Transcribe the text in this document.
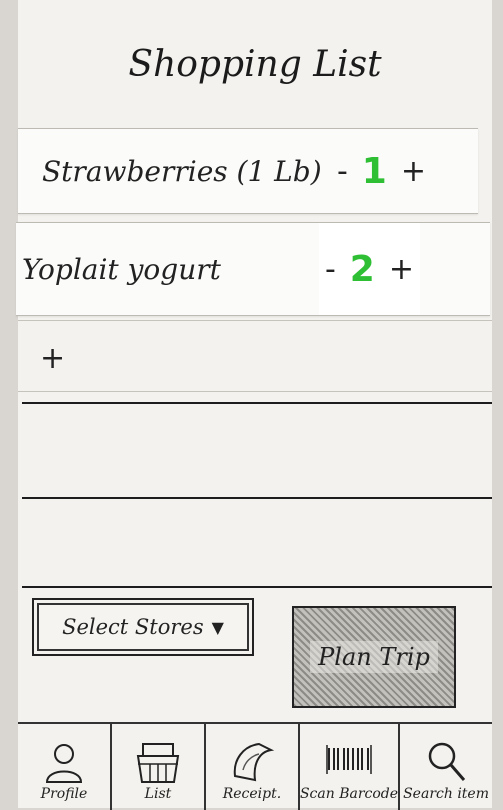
Shopping List
Strawberries (1 Lb) - 1 +
Yoplait yogurt	- 2 +
+
Select Stores ▼
Plan Trip
Profile	List	Receipt. Scan Barcode Search item
